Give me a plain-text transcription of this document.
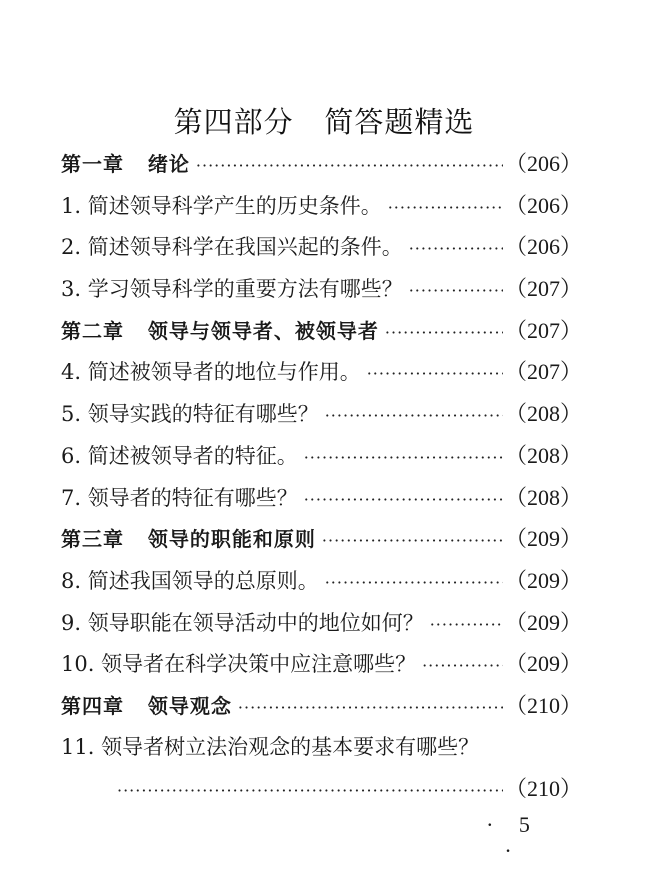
第四部分   简答题精选
第一章   绪论 ·····	（206）
1. 简述领导科学产生的历史条件。 ·····	（206）
2. 简述领导科学在我国兴起的条件。 ·····	（206）
3. 学习领导科学的重要方法有哪些？ ·····	（207）
第二章   领导与领导者、被领导者 ·····	（207）
4. 简述被领导者的地位与作用。 ·····	（207）
5. 领导实践的特征有哪些？ ·····	（208）
6. 简述被领导者的特征。 ·····	（208）
7. 领导者的特征有哪些？ ·····	（208）
第三章   领导的职能和原则 ·····	（209）
8. 简述我国领导的总原则。 ·····	（209）
9. 领导职能在领导活动中的地位如何？ ·····	（209）
10. 领导者在科学决策中应注意哪些？ ·····	（209）
第四章   领导观念 ·····	（210）
11. 领导者树立法治观念的基本要求有哪些？
·····
（210）
· 5 ·
